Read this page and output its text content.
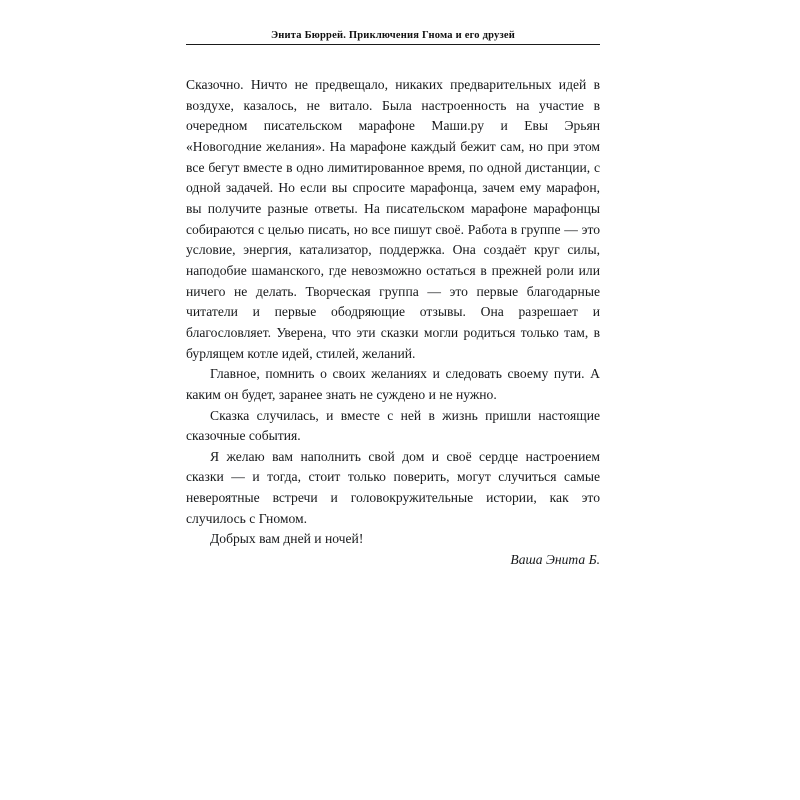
Энита Бюррей. Приключения Гнома и его друзей

Сказочно. Ничто не предвещало, никаких предварительных идей в воздухе, казалось, не витало. Была настроенность на участие в очередном писательском марафоне Маши.ру и Евы Эрьян «Новогодние желания». На марафоне каждый бежит сам, но при этом все бегут вместе в одно лимитированное время, по одной дистанции, с одной задачей. Но если вы спросите марафонца, зачем ему марафон, вы получите разные ответы. На писательском марафоне марафонцы собираются с целью писать, но все пишут своё. Работа в группе — это условие, энергия, катализатор, поддержка. Она создаёт круг силы, наподобие шаманского, где невозможно остаться в прежней роли или ничего не делать. Творческая группа — это первые благодарные читатели и первые ободряющие отзывы. Она разрешает и благословляет. Уверена, что эти сказки могли родиться только там, в бурлящем котле идей, стилей, желаний.

Главное, помнить о своих желаниях и следовать своему пути. А каким он будет, заранее знать не суждено и не нужно.

Сказка случилась, и вместе с ней в жизнь пришли настоящие сказочные события.

Я желаю вам наполнить свой дом и своё сердце настроением сказки — и тогда, стоит только поверить, могут случиться самые невероятные встречи и головокружительные истории, как это случилось с Гномом.

Добрых вам дней и ночей!

Ваша Энита Б.
